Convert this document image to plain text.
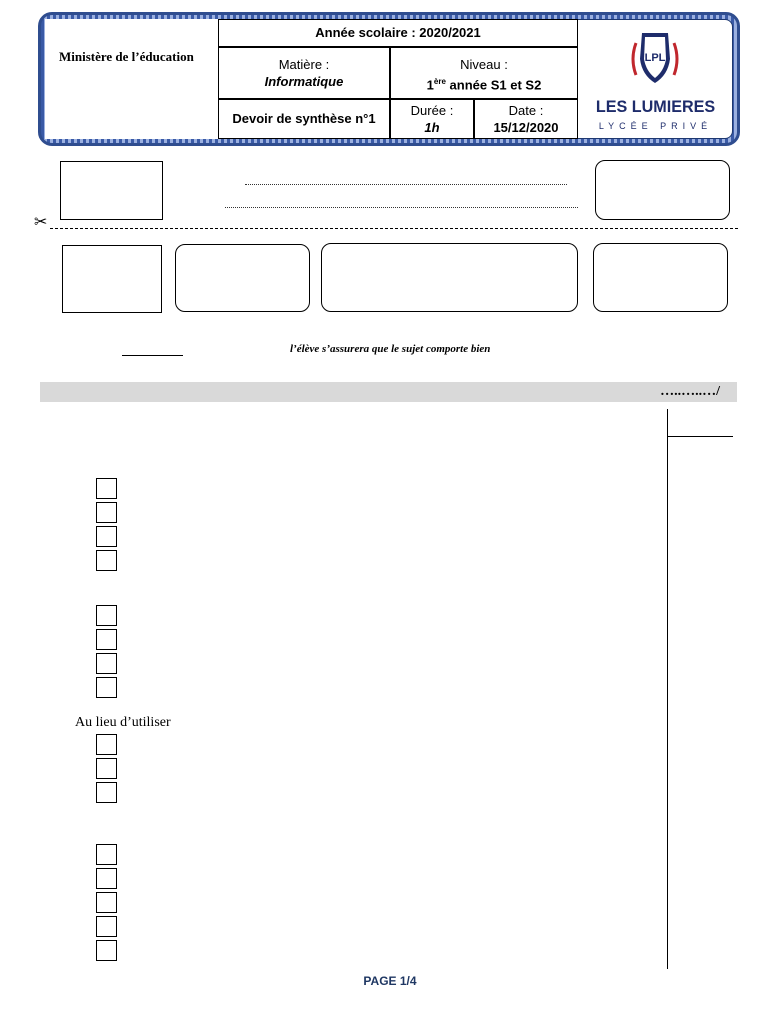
Ministère de l’éducation
Année scolaire : 2020/2021
Matière :
Informatique
Niveau :
1ère année S1 et S2
Devoir de synthèse n°1
Durée :
1h
Date :
15/12/2020
LPL
LES LUMIERES
LYCÉE PRIVÉ
✂
l’élève s’assurera que le sujet comporte bien
…..…..…/
Au lieu d’utiliser
PAGE 1/4
